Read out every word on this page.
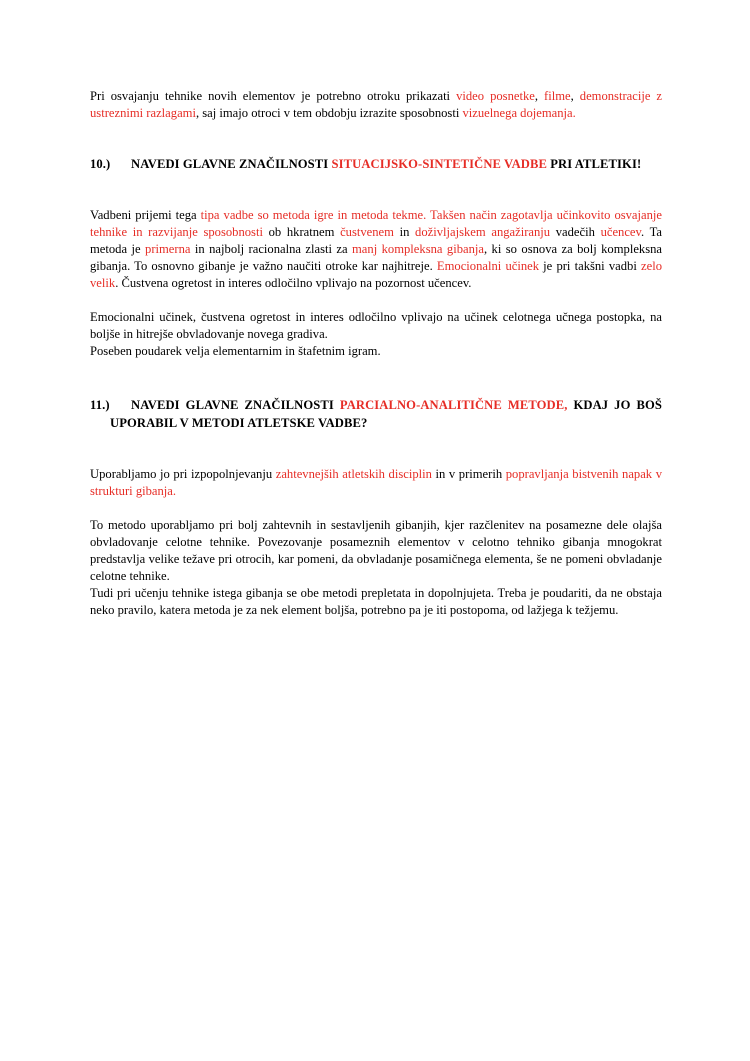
Pri osvajanju tehnike novih elementov je potrebno otroku prikazati video posnetke, filme, demonstracije z ustreznimi razlagami, saj imajo otroci v tem obdobju izrazite sposobnosti vizuelnega dojemanja.

10.) NAVEDI GLAVNE ZNAČILNOSTI SITUACIJSKO-SINTETIČNE VADBE PRI ATLETIKI!

Vadbeni prijemi tega tipa vadbe so metoda igre in metoda tekme. Takšen način zagotavlja učinkovito osvajanje tehnike in razvijanje sposobnosti ob hkratnem čustvenem in doživljajskem angažiranju vadečih učencev. Ta metoda je primerna in najbolj racionalna zlasti za manj kompleksna gibanja, ki so osnova za bolj kompleksna gibanja. To osnovno gibanje je važno naučiti otroke kar najhitreje. Emocionalni učinek je pri takšni vadbi zelo velik. Čustvena ogretost in interes odločilno vplivajo na pozornost učencev.

Emocionalni učinek, čustvena ogretost in interes odločilno vplivajo na učinek celotnega učnega postopka, na boljše in hitrejše obvladovanje novega gradiva.

Poseben poudarek velja elementarnim in štafetnim igram.

11.) NAVEDI GLAVNE ZNAČILNOSTI PARCIALNO-ANALITIČNE METODE, KDAJ JO BOŠ UPORABIL V METODI ATLETSKE VADBE?

Uporabljamo jo pri izpopolnjevanju zahtevnejših atletskih disciplin in v primerih popravljanja bistvenih napak v strukturi gibanja.

To metodo uporabljamo pri bolj zahtevnih in sestavljenih gibanjih, kjer razčlenitev na posamezne dele olajša obvladovanje celotne tehnike. Povezovanje posameznih elementov v celotno tehniko gibanja mnogokrat predstavlja velike težave pri otrocih, kar pomeni, da obvladanje posamičnega elementa, še ne pomeni obvladanje celotne tehnike.

Tudi pri učenju tehnike istega gibanja se obe metodi prepletata in dopolnjujeta. Treba je poudariti, da ne obstaja neko pravilo, katera metoda je za nek element boljša, potrebno pa je iti postopoma, od lažjega k težjemu.
